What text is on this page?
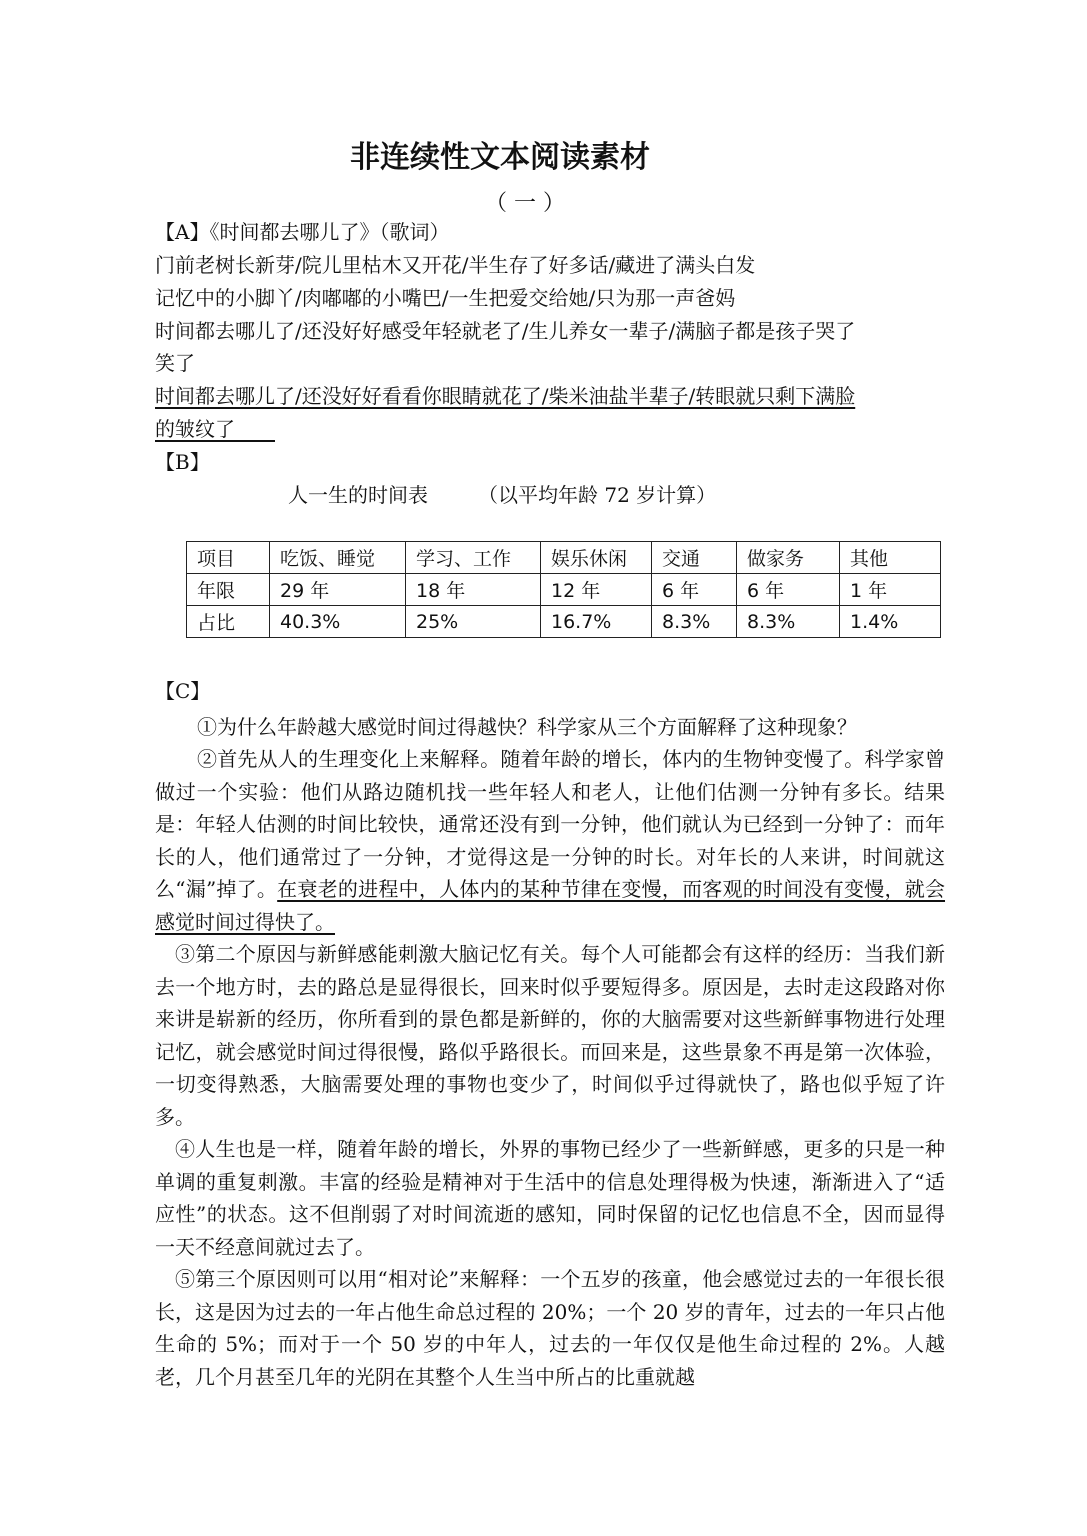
非连续性文本阅读素材
（ 一 ）
【A】《时间都去哪儿了》（歌词）
门前老树长新芽/院儿里枯木又开花/半生存了好多话/藏进了满头白发
记忆中的小脚丫/肉嘟嘟的小嘴巴/一生把爱交给她/只为那一声爸妈
时间都去哪儿了/还没好好感受年轻就老了/生儿养女一辈子/满脑子都是孩子哭了
笑了
时间都去哪儿了/还没好好看看你眼睛就花了/柴米油盐半辈子/转眼就只剩下满脸
的皱纹了　　
【B】
人一生的时间表　　　（以平均年龄 72 岁计算）
项目	吃饭、睡觉	学习、工作	娱乐休闲	交通	做家务	其他
年限	29 年	18 年	12 年	6 年	6 年	1 年
占比	40.3%	25%	16.7%	8.3%	8.3%	1.4%
【C】
①为什么年龄越大感觉时间过得越快？科学家从三个方面解释了这种现象？
②首先从人的生理变化上来解释。随着年龄的增长，体内的生物钟变慢了。科学家曾做过一个实验：他们从路边随机找一些年轻人和老人，让他们估测一分钟有多长。结果是：年轻人估测的时间比较快，通常还没有到一分钟，他们就认为已经到一分钟了：而年长的人，他们通常过了一分钟，才觉得这是一分钟的时长。对年长的人来讲，时间就这么“漏”掉了。在衰老的进程中，人体内的某种节律在变慢，而客观的时间没有变慢，就会感觉时间过得快了。
③第二个原因与新鲜感能刺激大脑记忆有关。每个人可能都会有这样的经历：当我们新去一个地方时，去的路总是显得很长，回来时似乎要短得多。原因是，去时走这段路对你来讲是崭新的经历，你所看到的景色都是新鲜的，你的大脑需要对这些新鲜事物进行处理记忆，就会感觉时间过得很慢，路似乎路很长。而回来是，这些景象不再是第一次体验，一切变得熟悉，大脑需要处理的事物也变少了，时间似乎过得就快了，路也似乎短了许多。
④人生也是一样，随着年龄的增长，外界的事物已经少了一些新鲜感，更多的只是一种单调的重复刺激。丰富的经验是精神对于生活中的信息处理得极为快速，渐渐进入了“适应性”的状态。这不但削弱了对时间流逝的感知，同时保留的记忆也信息不全，因而显得一天不经意间就过去了。
⑤第三个原因则可以用“相对论”来解释：一个五岁的孩童，他会感觉过去的一年很长很长，这是因为过去的一年占他生命总过程的 20%；一个 20 岁的青年，过去的一年只占他生命的 5%；而对于一个 50 岁的中年人，过去的一年仅仅是他生命过程的 2%。人越老，几个月甚至几年的光阴在其整个人生当中所占的比重就越
